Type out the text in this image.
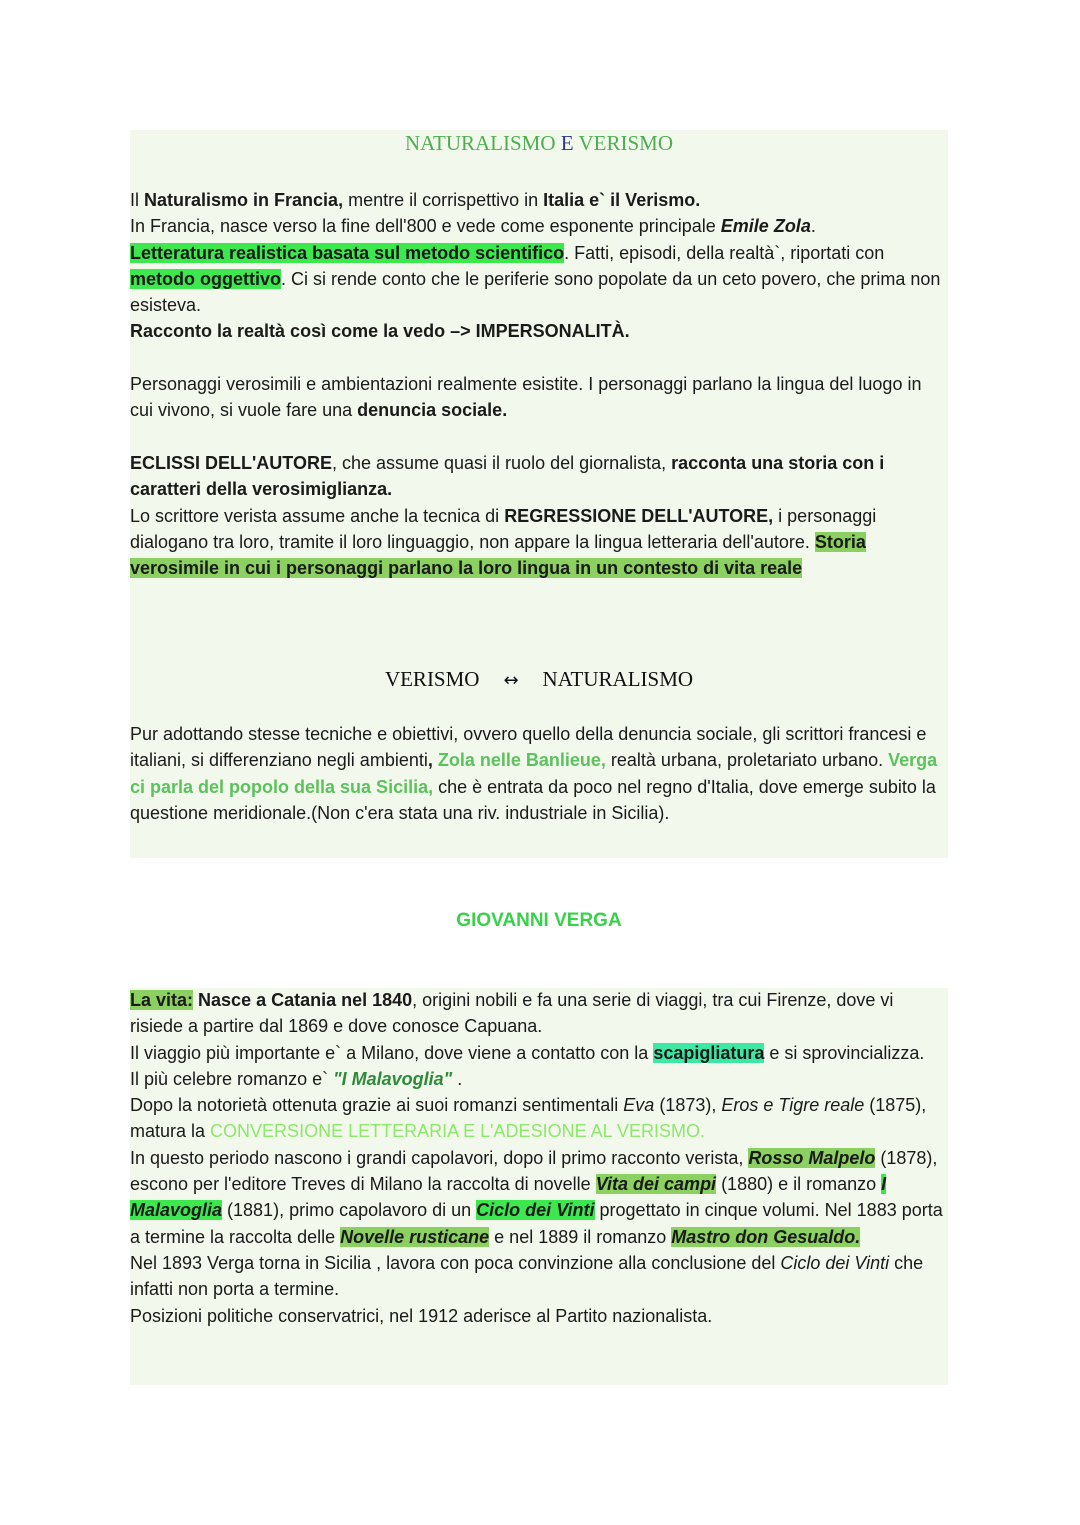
NATURALISMO E VERISMO

Il Naturalismo in Francia, mentre il corrispettivo in Italia e` il Verismo.
In Francia, nasce verso la fine dell'800 e vede come esponente principale Emile Zola.
Letteratura realistica basata sul metodo scientifico. Fatti, episodi, della realtà`, riportati con metodo oggettivo. Ci si rende conto che le periferie sono popolate da un ceto povero, che prima non esisteva.
Racconto la realtà così come la vedo –> IMPERSONALITÀ.

Personaggi verosimili e ambientazioni realmente esistite. I personaggi parlano la lingua del luogo in cui vivono, si vuole fare una denuncia sociale.

ECLISSI DELL'AUTORE, che assume quasi il ruolo del giornalista, racconta una storia con i caratteri della verosimiglianza.
Lo scrittore verista assume anche la tecnica di REGRESSIONE DELL'AUTORE, i personaggi dialogano tra loro, tramite il loro linguaggio, non appare la lingua letteraria dell'autore. Storia verosimile in cui i personaggi parlano la loro lingua in un contesto di vita reale

VERISMO ↔ NATURALISMO

Pur adottando stesse tecniche e obiettivi, ovvero quello della denuncia sociale, gli scrittori francesi e italiani, si differenziano negli ambienti, Zola nelle Banlieue, realtà urbana, proletariato urbano. Verga ci parla del popolo della sua Sicilia, che è entrata da poco nel regno d'Italia, dove emerge subito la questione meridionale.(Non c'era stata una riv. industriale in Sicilia).

GIOVANNI VERGA

La vita: Nasce a Catania nel 1840, origini nobili e fa una serie di viaggi, tra cui Firenze, dove vi risiede a partire dal 1869 e dove conosce Capuana.
Il viaggio più importante e` a Milano, dove viene a contatto con la scapigliatura e si sprovincializza.
Il più celebre romanzo e` "I Malavoglia" .
Dopo la notorietà ottenuta grazie ai suoi romanzi sentimentali Eva (1873), Eros e Tigre reale (1875), matura la CONVERSIONE LETTERARIA E L'ADESIONE AL VERISMO.
In questo periodo nascono i grandi capolavori, dopo il primo racconto verista, Rosso Malpelo (1878), escono per l'editore Treves di Milano la raccolta di novelle Vita dei campi (1880) e il romanzo I Malavoglia (1881), primo capolavoro di un Ciclo dei Vinti progettato in cinque volumi. Nel 1883 porta a termine la raccolta delle Novelle rusticane e nel 1889 il romanzo Mastro don Gesualdo.
Nel 1893 Verga torna in Sicilia , lavora con poca convinzione alla conclusione del Ciclo dei Vinti che infatti non porta a termine.
Posizioni politiche conservatrici, nel 1912 aderisce al Partito nazionalista.
